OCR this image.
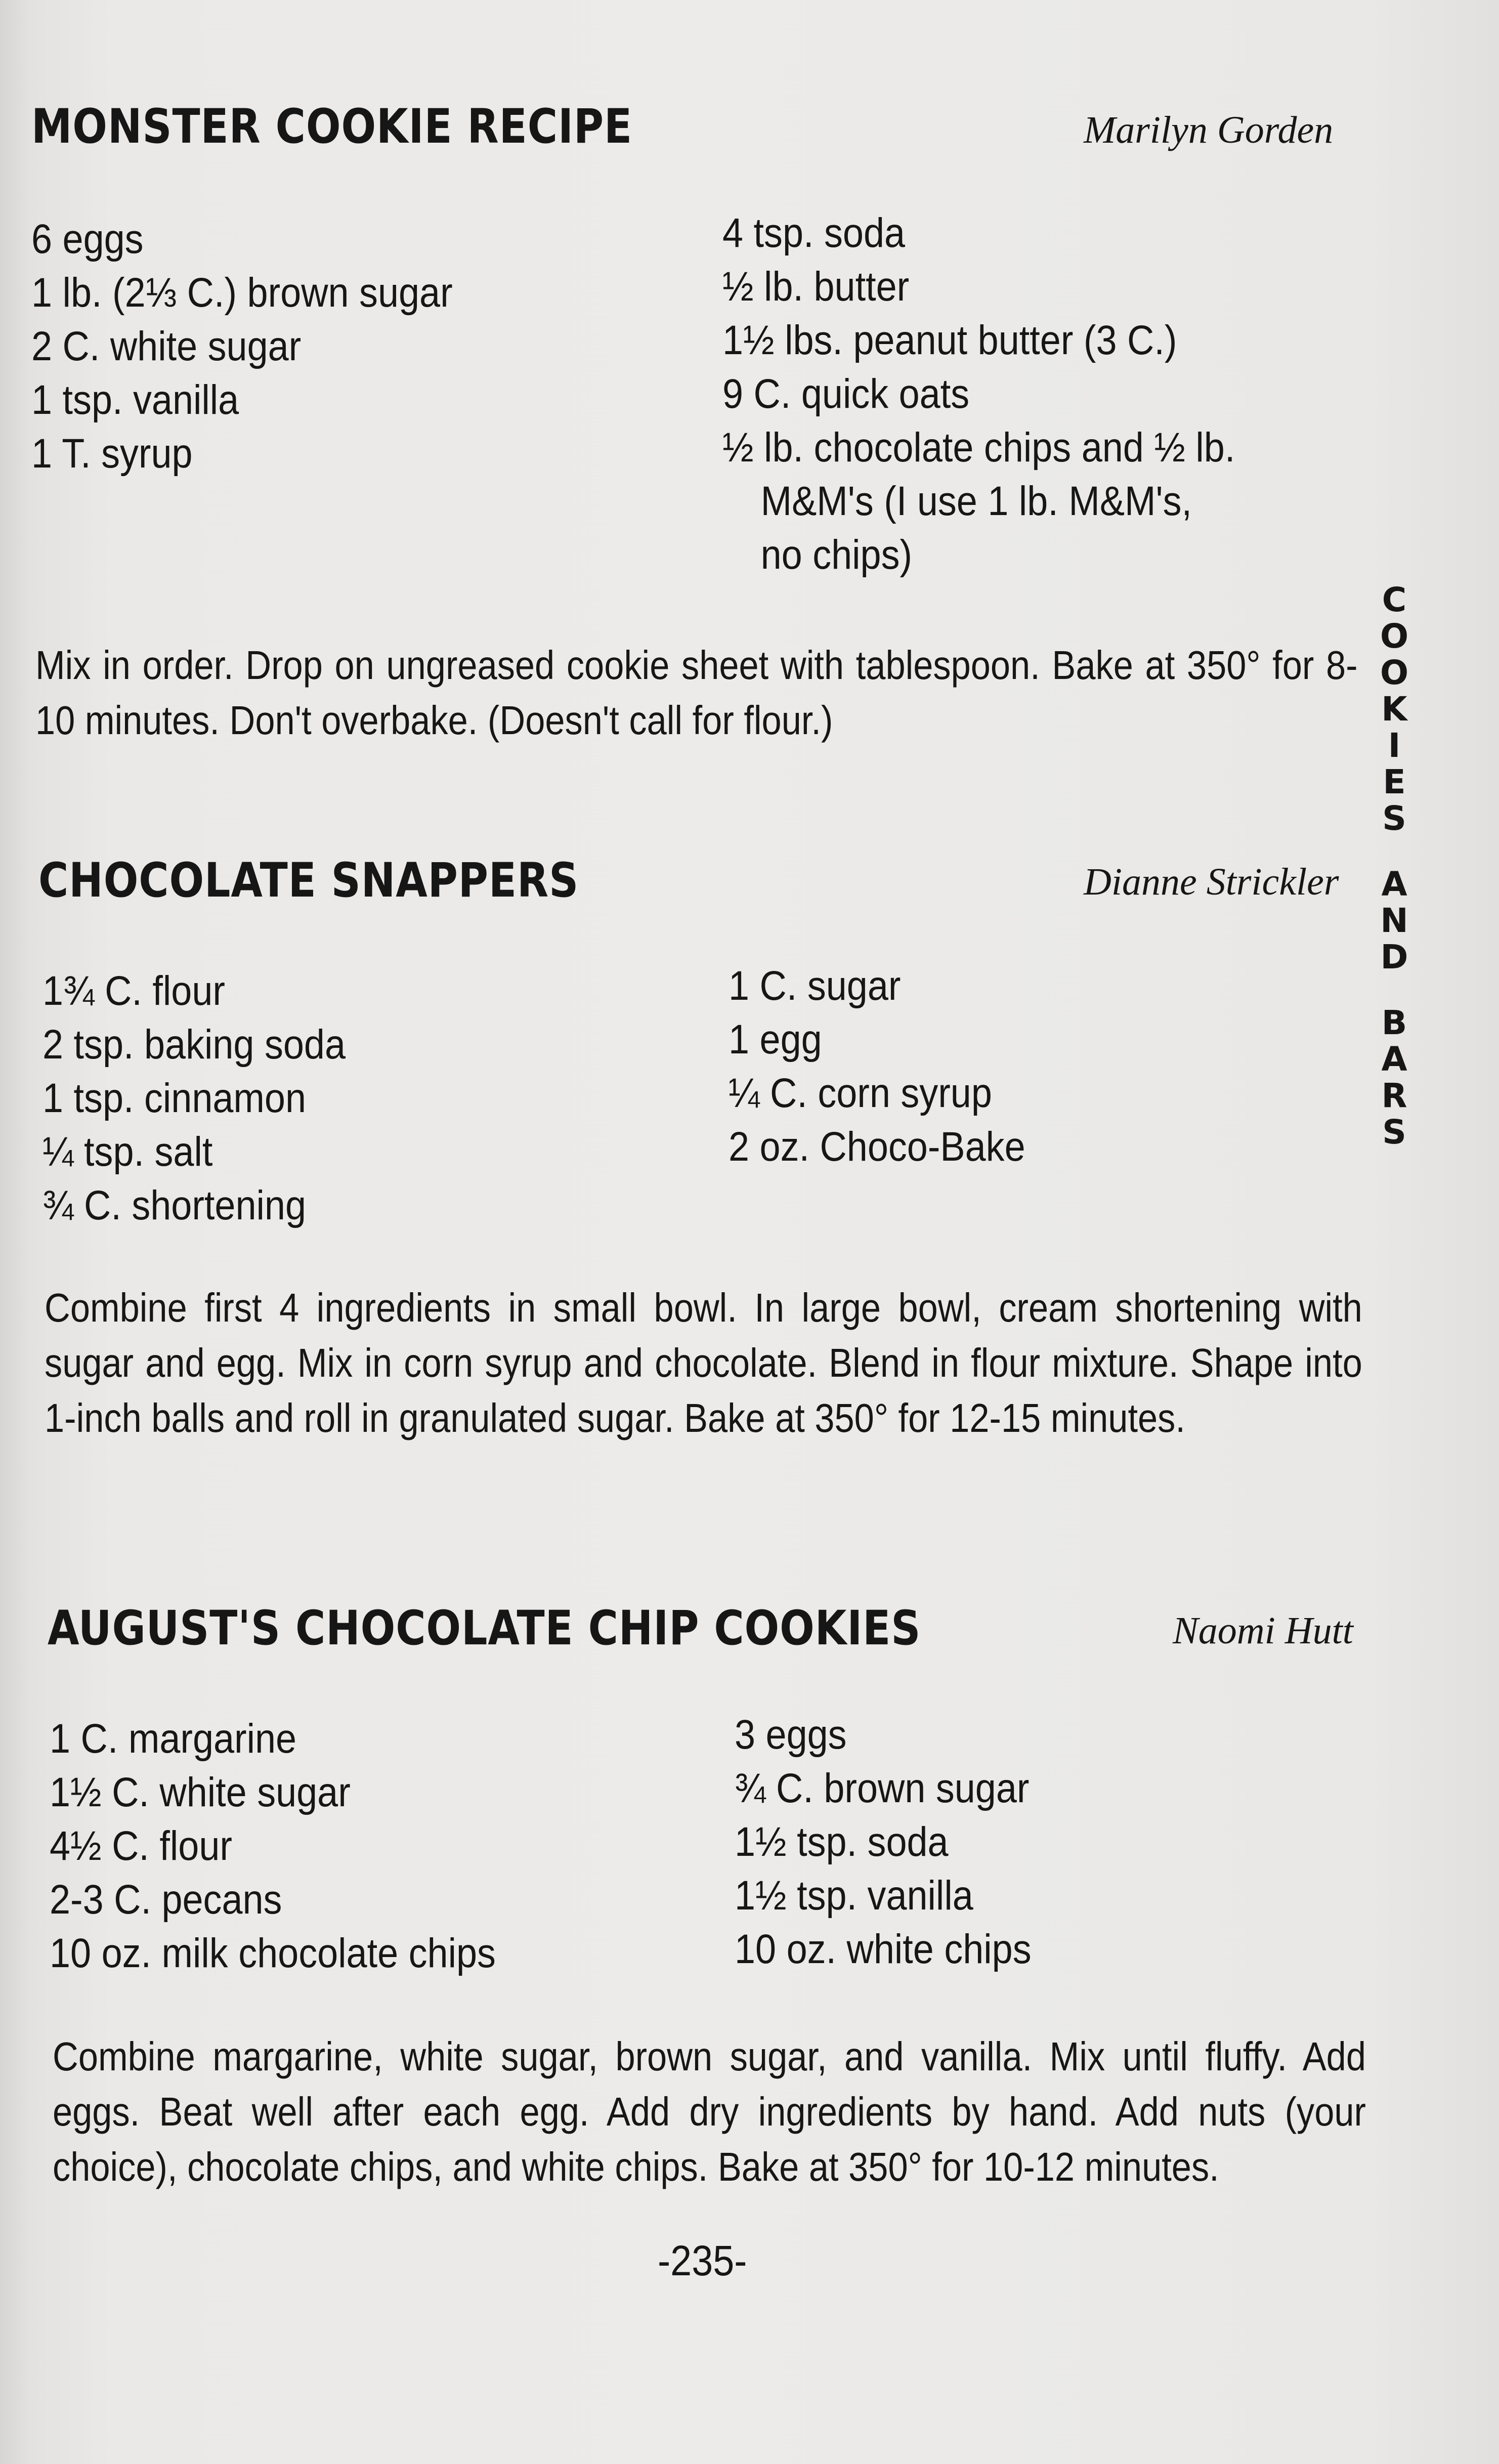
MONSTER COOKIE RECIPE	Marilyn Gorden
6 eggs
1 lb. (2⅓ C.) brown sugar
2 C. white sugar
1 tsp. vanilla
1 T. syrup
4 tsp. soda
½ lb. butter
1½ lbs. peanut butter (3 C.)
9 C. quick oats
½ lb. chocolate chips and ½ lb.
M&M's (I use 1 lb. M&M's,
no chips)

Mix in order. Drop on ungreased cookie sheet with tablespoon. Bake at 350° for 8-10 minutes. Don't overbake. (Doesn't call for flour.)

CHOCOLATE SNAPPERS	Dianne Strickler
1¾ C. flour
2 tsp. baking soda
1 tsp. cinnamon
¼ tsp. salt
¾ C. shortening
1 C. sugar
1 egg
¼ C. corn syrup
2 oz. Choco-Bake

Combine first 4 ingredients in small bowl. In large bowl, cream shortening with sugar and egg. Mix in corn syrup and chocolate. Blend in flour mixture. Shape into 1-inch balls and roll in granulated sugar. Bake at 350° for 12-15 minutes.

AUGUST'S CHOCOLATE CHIP COOKIES	Naomi Hutt
1 C. margarine
1½ C. white sugar
4½ C. flour
2-3 C. pecans
10 oz. milk chocolate chips
3 eggs
¾ C. brown sugar
1½ tsp. soda
1½ tsp. vanilla
10 oz. white chips

Combine margarine, white sugar, brown sugar, and vanilla. Mix until fluffy. Add eggs. Beat well after each egg. Add dry ingredients by hand. Add nuts (your choice), chocolate chips, and white chips. Bake at 350° for 10-12 minutes.

C
O
O
K
I
E
S
A
N
D
B
A
R
S
-235-
